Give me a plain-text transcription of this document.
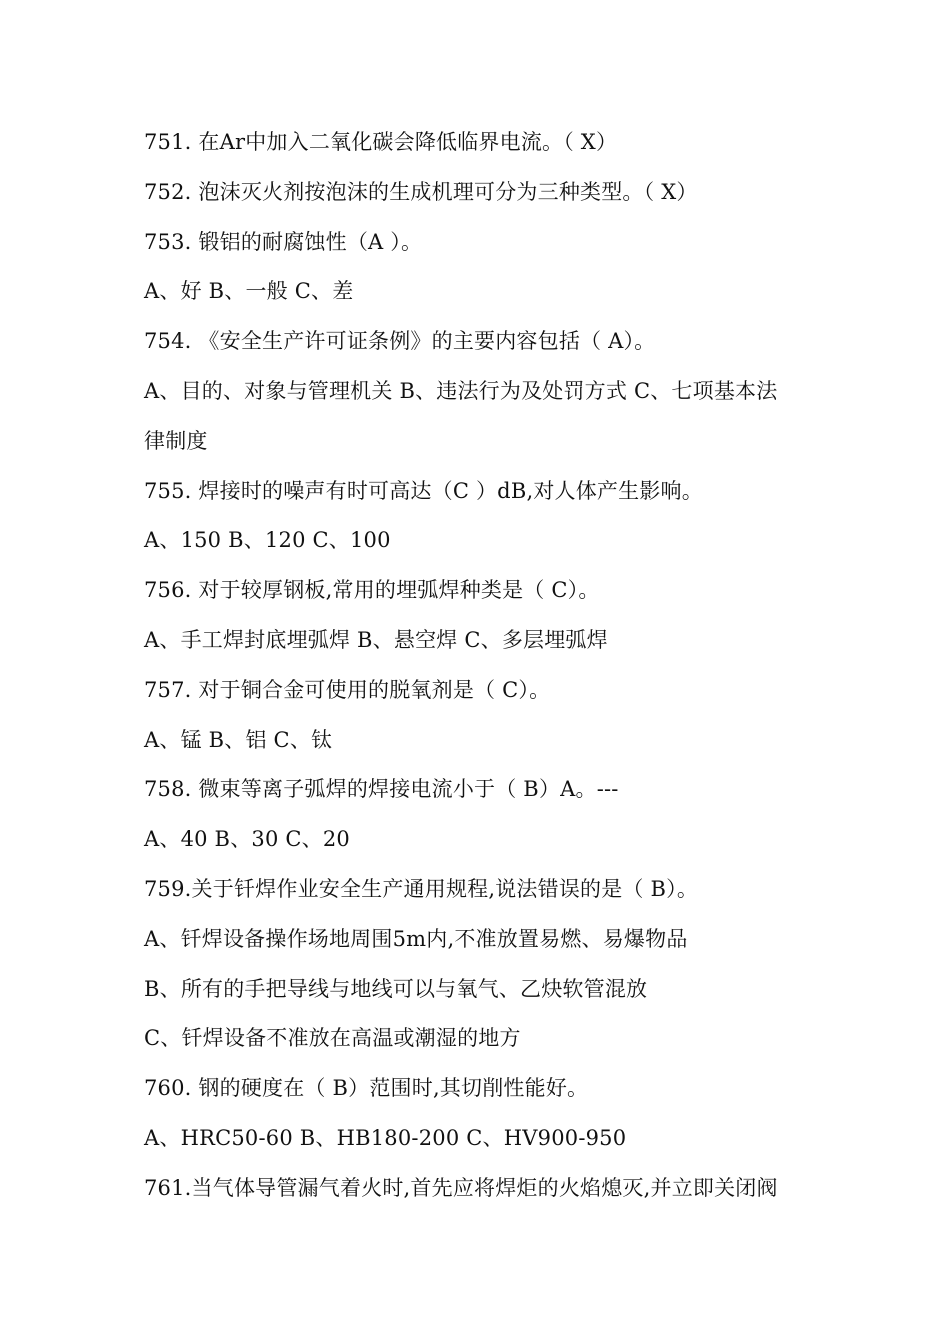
751. 在Ar中加入二氧化碳会降低临界电流。（ X）
752. 泡沫灭火剂按泡沫的生成机理可分为三种类型。（ X）
753. 锻铝的耐腐蚀性（A ）。
A、好 B、一般 C、差
754. 《安全生产许可证条例》的主要内容包括（ A）。
A、目的、对象与管理机关 B、违法行为及处罚方式 C、七项基本法
律制度
755. 焊接时的噪声有时可高达（C ）dB,对人体产生影响。
A、150 B、120 C、100
756. 对于较厚钢板,常用的埋弧焊种类是（ C）。
A、手工焊封底埋弧焊 B、悬空焊 C、多层埋弧焊
757. 对于铜合金可使用的脱氧剂是（ C）。
A、锰 B、铝 C、钛
758. 微束等离子弧焊的焊接电流小于（ B）A。---
A、40 B、30 C、20
759.关于钎焊作业安全生产通用规程,说法错误的是（ B）。
A、钎焊设备操作场地周围5m内,不准放置易燃、易爆物品
B、所有的手把导线与地线可以与氧气、乙炔软管混放
C、钎焊设备不准放在高温或潮湿的地方
760. 钢的硬度在（ B）范围时,其切削性能好。
A、HRC50-60 B、HB180-200 C、HV900-950
761.当气体导管漏气着火时,首先应将焊炬的火焰熄灭,并立即关闭阀
